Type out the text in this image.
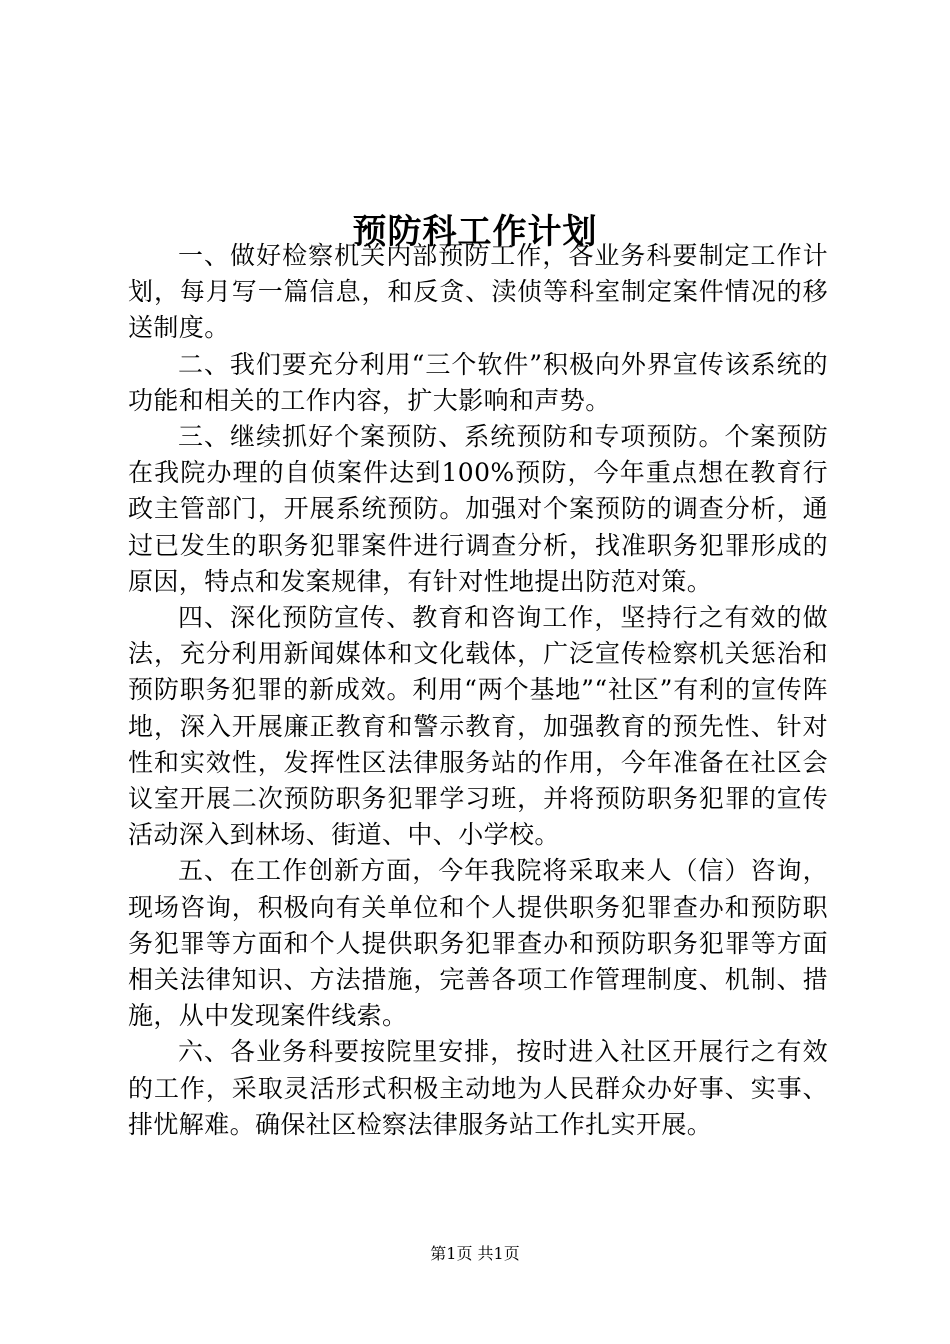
预防科工作计划

一、做好检察机关内部预防工作，各业务科要制定工作计划，每月写一篇信息，和反贪、渎侦等科室制定案件情况的移送制度。

二、我们要充分利用“三个软件”积极向外界宣传该系统的功能和相关的工作内容，扩大影响和声势。

三、继续抓好个案预防、系统预防和专项预防。个案预防在我院办理的自侦案件达到100%预防，今年重点想在教育行政主管部门，开展系统预防。加强对个案预防的调查分析，通过已发生的职务犯罪案件进行调查分析，找准职务犯罪形成的原因，特点和发案规律，有针对性地提出防范对策。

四、深化预防宣传、教育和咨询工作，坚持行之有效的做法，充分利用新闻媒体和文化载体，广泛宣传检察机关惩治和预防职务犯罪的新成效。利用“两个基地”“社区”有利的宣传阵地，深入开展廉正教育和警示教育，加强教育的预先性、针对性和实效性，发挥性区法律服务站的作用，今年准备在社区会议室开展二次预防职务犯罪学习班，并将预防职务犯罪的宣传活动深入到林场、街道、中、小学校。

五、在工作创新方面，今年我院将采取来人（信）咨询，现场咨询，积极向有关单位和个人提供职务犯罪查办和预防职务犯罪等方面和个人提供职务犯罪查办和预防职务犯罪等方面相关法律知识、方法措施，完善各项工作管理制度、机制、措施，从中发现案件线索。

六、各业务科要按院里安排，按时进入社区开展行之有效的工作，采取灵活形式积极主动地为人民群众办好事、实事、排忧解难。确保社区检察法律服务站工作扎实开展。

第1页 共1页
